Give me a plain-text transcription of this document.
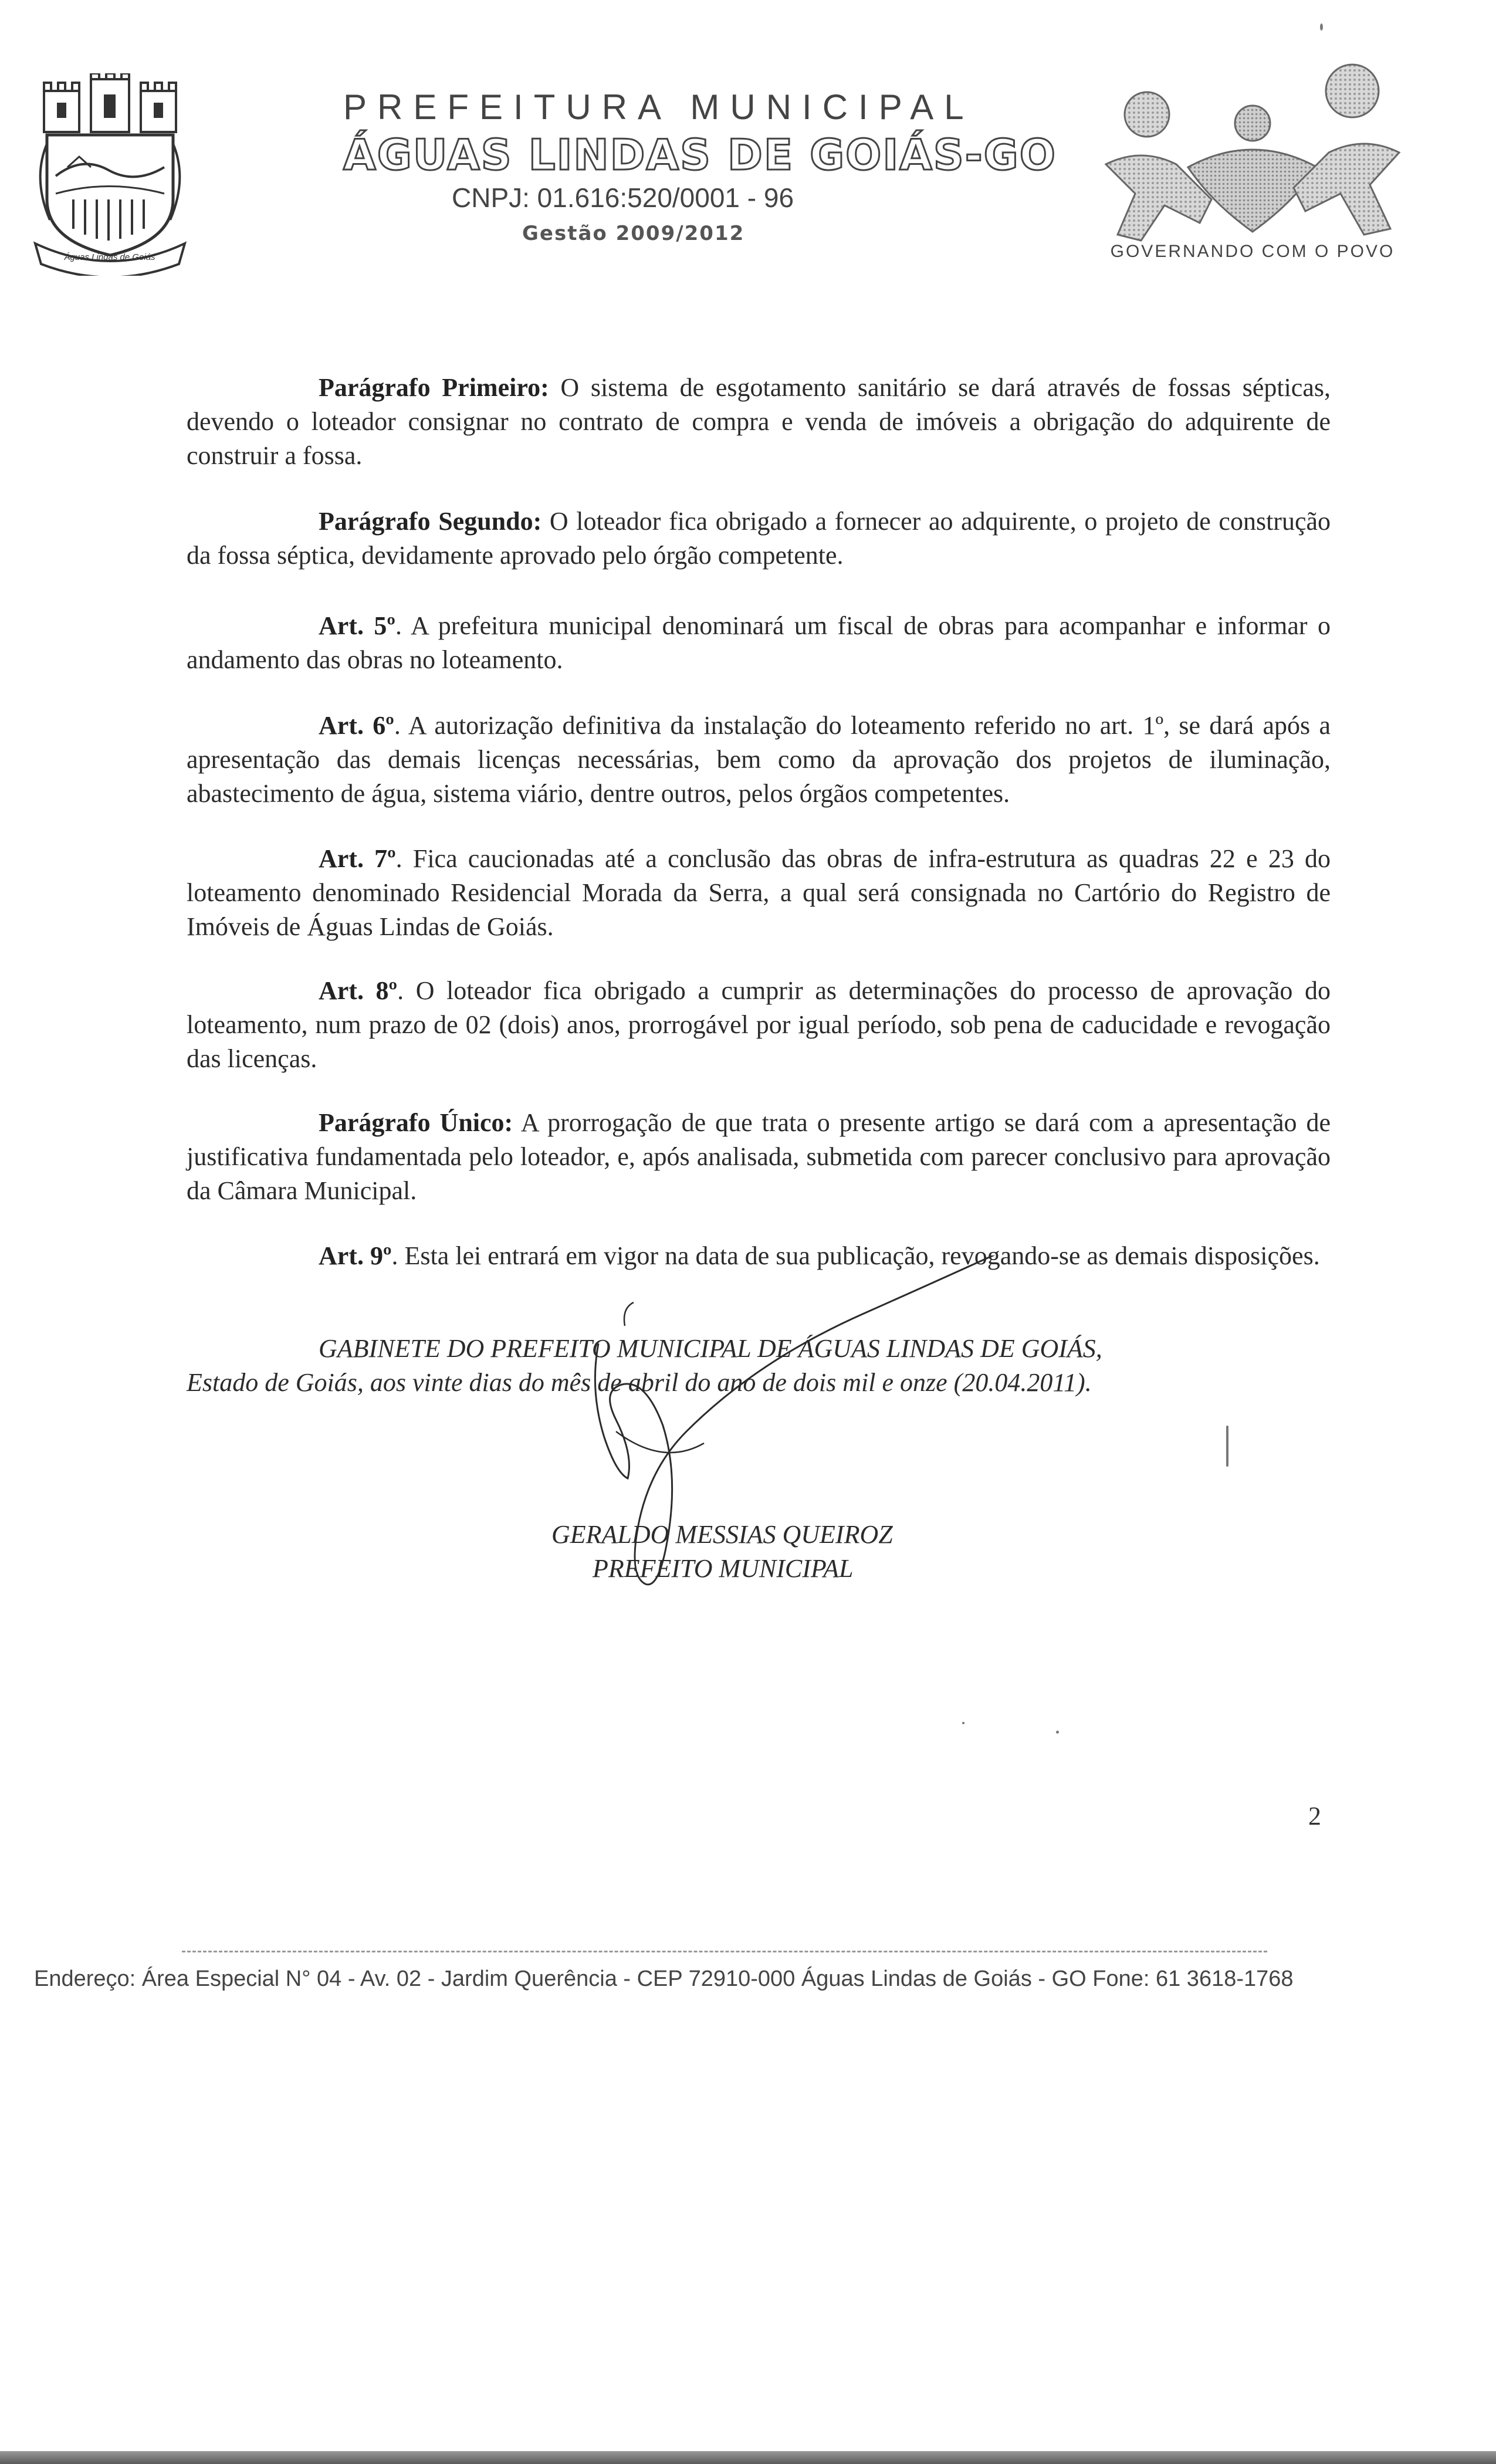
Águas Lindas de Goiás
PREFEITURA MUNICIPAL
ÁGUAS LINDAS DE GOIÁS-GO
CNPJ: 01.616:520/0001 - 96
Gestão 2009/2012
GOVERNANDO COM O POVO
Parágrafo Primeiro: O sistema de esgotamento sanitário se dará através de fossas sépticas, devendo o loteador consignar no contrato de compra e venda de imóveis a obrigação do adquirente de construir a fossa.
Parágrafo Segundo: O loteador fica obrigado a fornecer ao adquirente, o projeto de construção da fossa séptica, devidamente aprovado pelo órgão competente.
Art. 5º. A prefeitura municipal denominará um fiscal de obras para acompanhar e informar o andamento das obras no loteamento.
Art. 6º. A autorização definitiva da instalação do loteamento referido no art. 1º, se dará após a apresentação das demais licenças necessárias, bem como da aprovação dos projetos de iluminação, abastecimento de água, sistema viário, dentre outros, pelos órgãos competentes.
Art. 7º. Fica caucionadas até a conclusão das obras de infra-estrutura as quadras 22 e 23 do loteamento denominado Residencial Morada da Serra, a qual será consignada no Cartório do Registro de Imóveis de Águas Lindas de Goiás.
Art. 8º. O loteador fica obrigado a cumprir as determinações do processo de aprovação do loteamento, num prazo de 02 (dois) anos, prorrogável por igual período, sob pena de caducidade e revogação das licenças.
Parágrafo Único: A prorrogação de que trata o presente artigo se dará com a apresentação de justificativa fundamentada pelo loteador, e, após analisada, submetida com parecer conclusivo para aprovação da Câmara Municipal.
Art. 9º. Esta lei entrará em vigor na data de sua publicação, revogando-se as demais disposições.
GABINETE DO PREFEITO MUNICIPAL DE ÁGUAS LINDAS DE GOIÁS,
Estado de Goiás, aos vinte dias do mês de abril do ano de dois mil e onze (20.04.2011).
GERALDO MESSIAS QUEIROZ
PREFEITO MUNICIPAL
2
Endereço: Área Especial N° 04 - Av. 02 - Jardim Querência - CEP 72910-000 Águas Lindas de Goiás - GO Fone: 61 3618-1768
